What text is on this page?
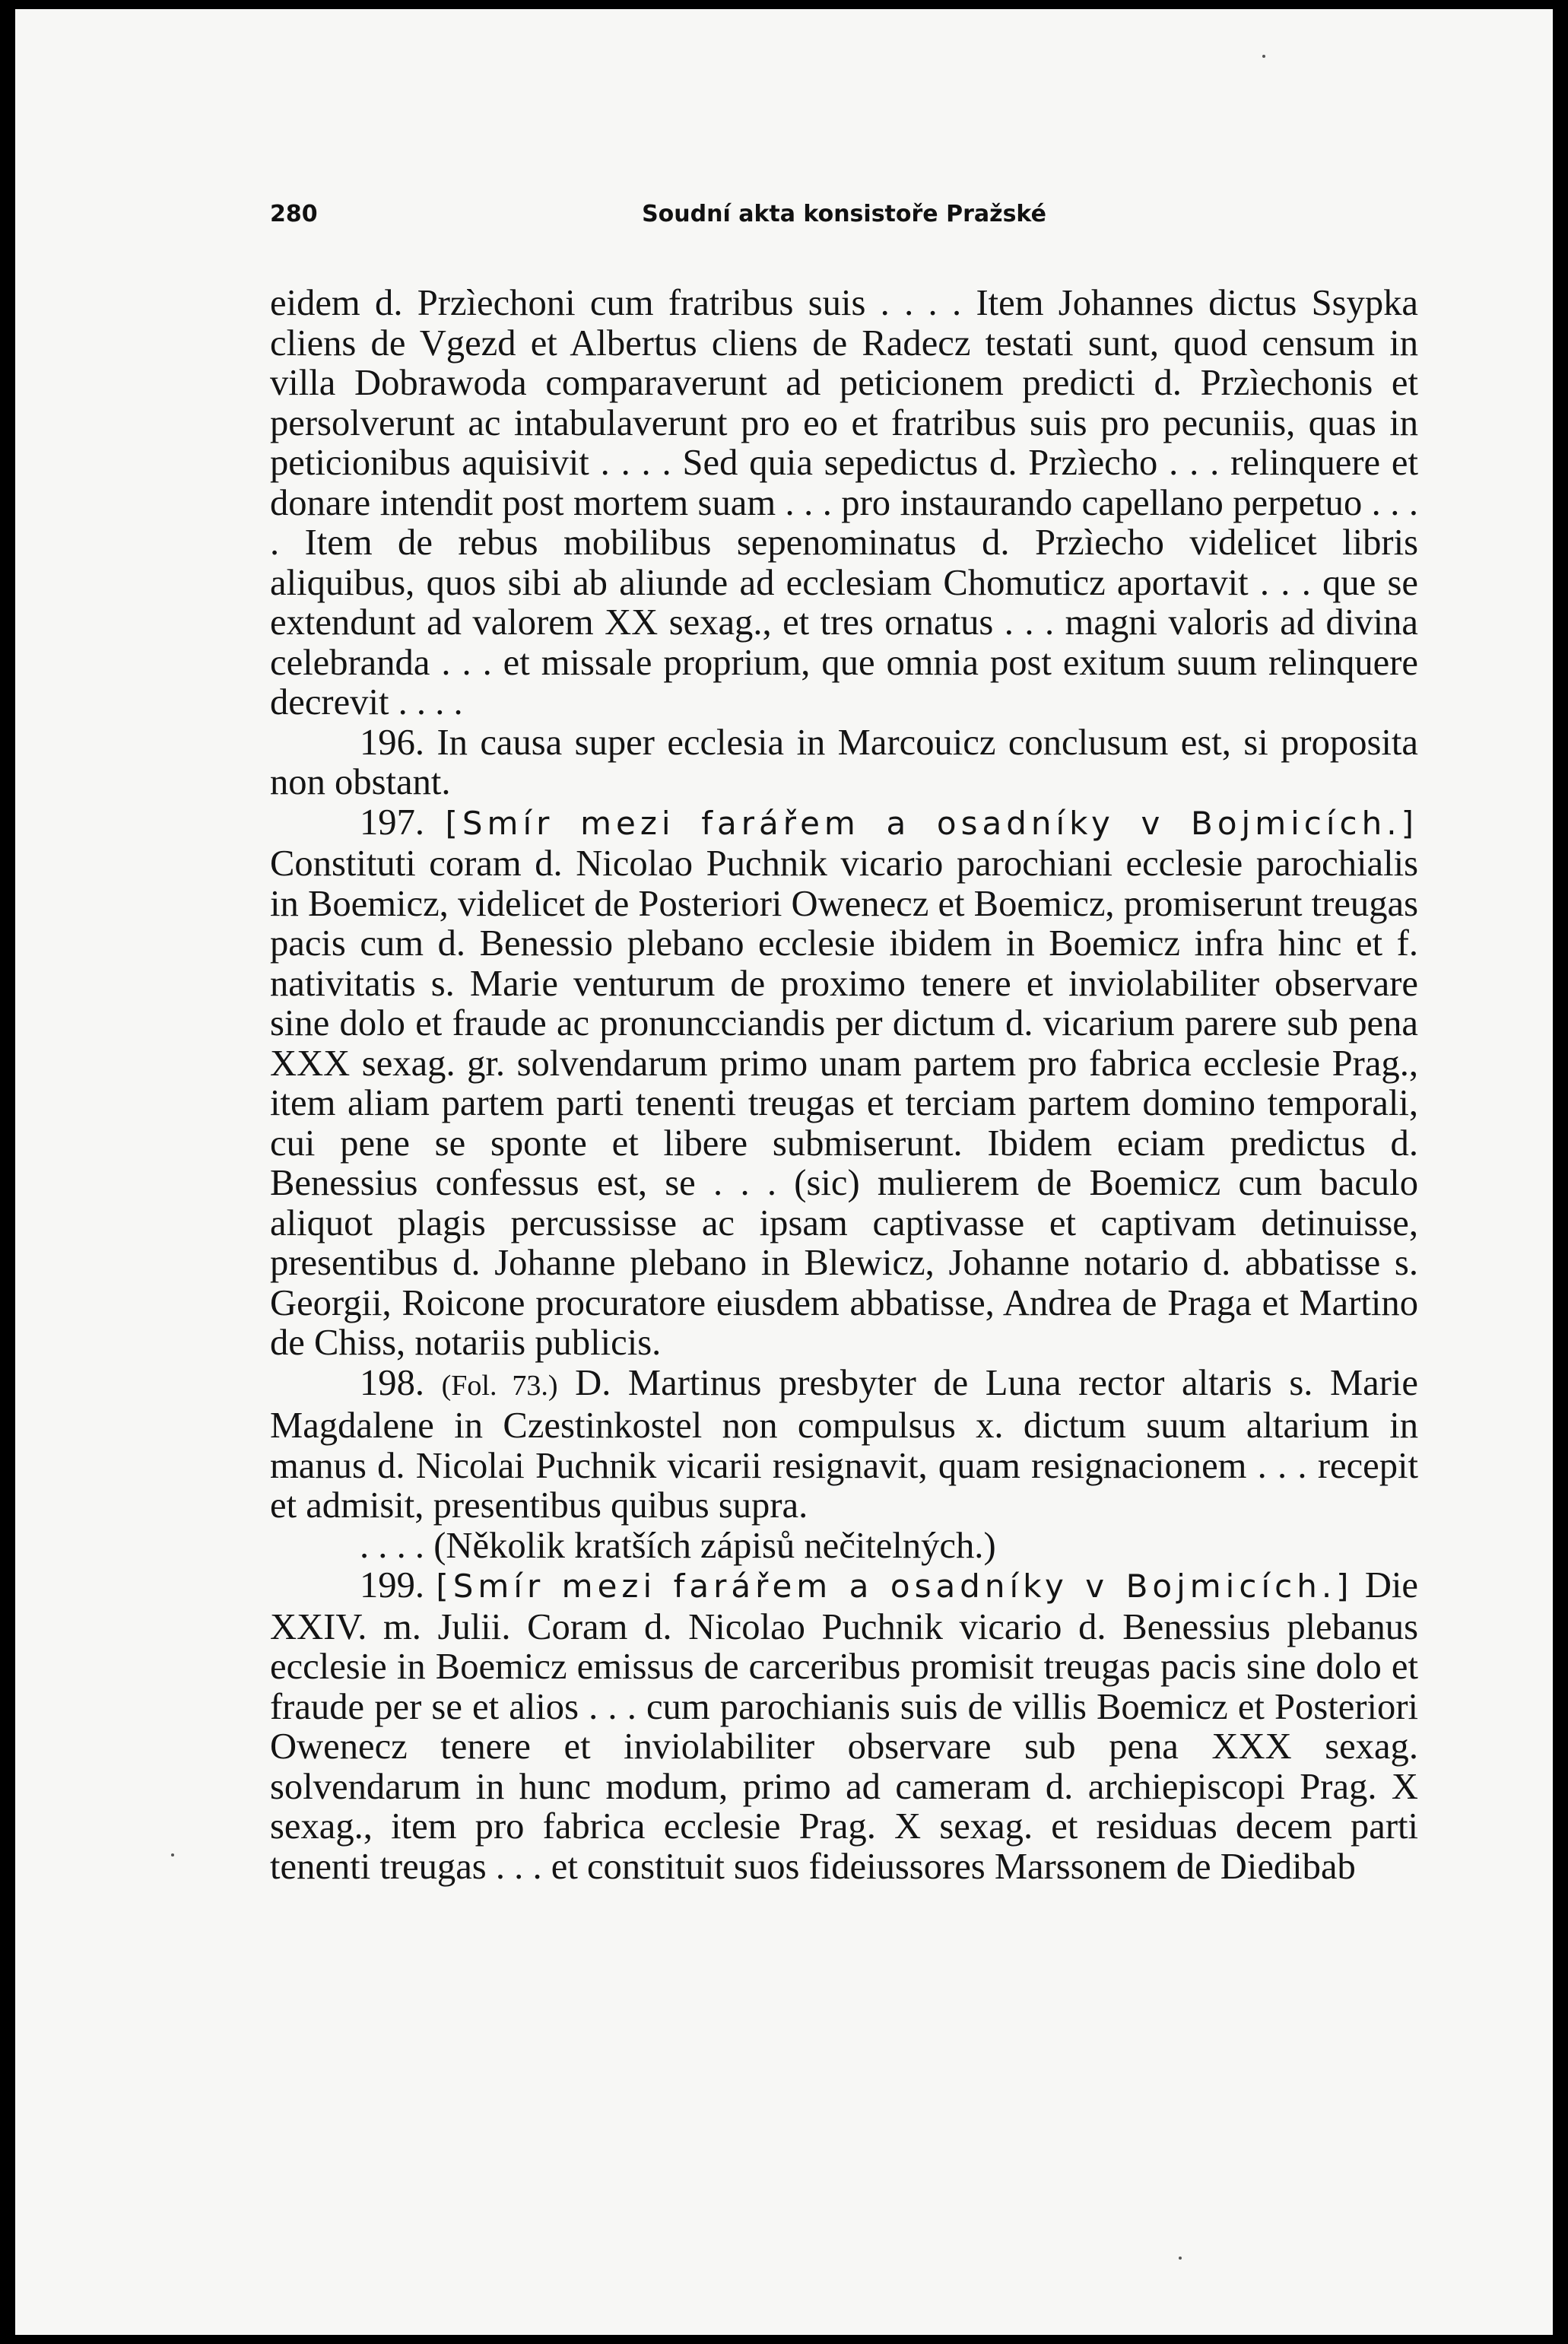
280	Soudní akta konsistoře Pražské

eidem d. Przìechoni cum fratribus suis . . . . Item Johannes dictus Ssypka cliens de Vgezd et Albertus cliens de Radecz testati sunt, quod censum in villa Dobrawoda comparaverunt ad peticionem predicti d. Przìechonis et persolverunt ac intabulaverunt pro eo et fratribus suis pro pecuniis, quas in peticionibus aquisivit . . . . Sed quia sepedictus d. Przìecho . . . relinquere et donare intendit post mortem suam . . . pro instaurando capellano perpetuo . . . . Item de rebus mobilibus sepenominatus d. Przìecho videlicet libris aliquibus, quos sibi ab aliunde ad ecclesiam Chomuticz aportavit . . . que se extendunt ad valorem XX sexag., et tres ornatus . . . magni valoris ad divina celebranda . . . et missale proprium, que omnia post exitum suum relinquere decrevit . . . .

196. In causa super ecclesia in Marcouicz conclusum est, si proposita non obstant.

197. [Smír mezi farářem a osadníky v Bojmicích.] Constituti coram d. Nicolao Puchnik vicario parochiani ecclesie parochialis in Boemicz, videlicet de Posteriori Owenecz et Boemicz, promiserunt treugas pacis cum d. Benessio plebano ecclesie ibidem in Boemicz infra hinc et f. nativitatis s. Marie venturum de proximo tenere et inviolabiliter observare sine dolo et fraude ac pronuncciandis per dictum d. vicarium parere sub pena XXX sexag. gr. solvendarum primo unam partem pro fabrica ecclesie Prag., item aliam partem parti tenenti treugas et terciam partem domino temporali, cui pene se sponte et libere submiserunt. Ibidem eciam predictus d. Benessius confessus est, se . . . (sic) mulierem de Boemicz cum baculo aliquot plagis percussisse ac ipsam captivasse et captivam detinuisse, presentibus d. Johanne plebano in Blewicz, Johanne notario d. abbatisse s. Georgii, Roicone procuratore eiusdem abbatisse, Andrea de Praga et Martino de Chiss, notariis publicis.

198. (Fol. 73.) D. Martinus presbyter de Luna rector altaris s. Marie Magdalene in Czestinkostel non compulsus x. dictum suum altarium in manus d. Nicolai Puchnik vicarii resignavit, quam resignacionem . . . recepit et admisit, presentibus quibus supra.

. . . . (Několik kratších zápisů nečitelných.)

199. [Smír mezi farářem a osadníky v Bojmicích.] Die XXIV. m. Julii. Coram d. Nicolao Puchnik vicario d. Benessius plebanus ecclesie in Boemicz emissus de carceribus promisit treugas pacis sine dolo et fraude per se et alios . . . cum parochianis suis de villis Boemicz et Posteriori Owenecz tenere et inviolabiliter observare sub pena XXX sexag. solvendarum in hunc modum, primo ad cameram d. archiepiscopi Prag. X sexag., item pro fabrica ecclesie Prag. X sexag. et residuas decem parti tenenti treugas . . . et constituit suos fideiussores Marssonem de Diedibab
